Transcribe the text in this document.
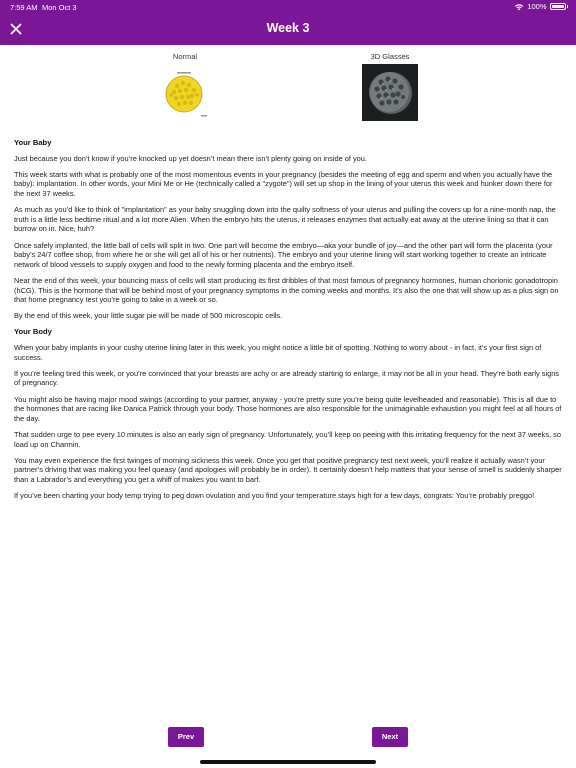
7:59 AM Mon Oct 3	100%
Week 3
Normal	3D Glasses
Your Baby

Just because you don’t know if you’re knocked up yet doesn’t mean there isn’t plenty going on inside of you.

This week starts with what is probably one of the most momentous events in your pregnancy (besides the meeting of egg and sperm and when you actually have the baby): implantation. In other words, your Mini Me or He (technically called a "zygote") will set up shop in the lining of your uterus this week and hunker down there for the next 37 weeks.

As much as you’d like to think of "implantation" as your baby snuggling down into the quilty softness of your uterus and pulling the covers up for a nine-month nap, the truth is a little less bedtime ritual and a lot more Alien. When the embryo hits the uterus, it releases enzymes that actually eat away at the uterine lining so that it can burrow on in. Nice, huh?

Once safely implanted, the little ball of cells will split in two. One part will become the embryo—aka your bundle of joy—and the other part will form the placenta (your baby’s 24/7 coffee shop, from where he or she will get all of his or her nutrients). The embryo and your uterine lining will start working together to create an intricate network of blood vessels to supply oxygen and food to the newly forming placenta and the embryo itself.

Near the end of this week, your bouncing mass of cells will start producing its first dribbles of that most famous of pregnancy hormones, human chorionic gonadotropin (hCG). This is the hormone that will be behind most of your pregnancy symptoms in the coming weeks and months. It’s also the one that will show up as a plus sign on that home pregnancy test you’re going to take in a week or so.

By the end of this week, your little sugar pie will be made of 500 microscopic cells.

Your Body

When your baby implants in your cushy uterine lining later in this week, you might notice a little bit of spotting. Nothing to worry about - in fact, it’s your first sign of success.

If you’re feeling tired this week, or you’re convinced that your breasts are achy or are already starting to enlarge, it may not be all in your head. They’re both early signs of pregnancy.

You might also be having major mood swings (according to your partner, anyway - you’re pretty sure you’re being quite levelheaded and reasonable). This is all due to the hormones that are racing like Danica Patrick through your body. Those hormones are also responsible for the unimaginable exhaustion you might feel at all hours of the day.

That sudden urge to pee every 10 minutes is also an early sign of pregnancy. Unfortunately, you’ll keep on peeing with this irritating frequency for the next 37 weeks, so load up on Charmin.

You may even experience the first twinges of morning sickness this week. Once you get that positive pregnancy test next week, you’ll realize it actually wasn’t your partner’s driving that was making you feel queasy (and apologies will probably be in order). It certainly doesn’t help matters that your sense of smell is suddenly sharper than a Labrador’s and everything you get a whiff of makes you want to barf.

If you’ve been charting your body temp trying to peg down ovulation and you find your temperature stays high for a few days, congrats: You’re probably preggo!

Prev	Next
